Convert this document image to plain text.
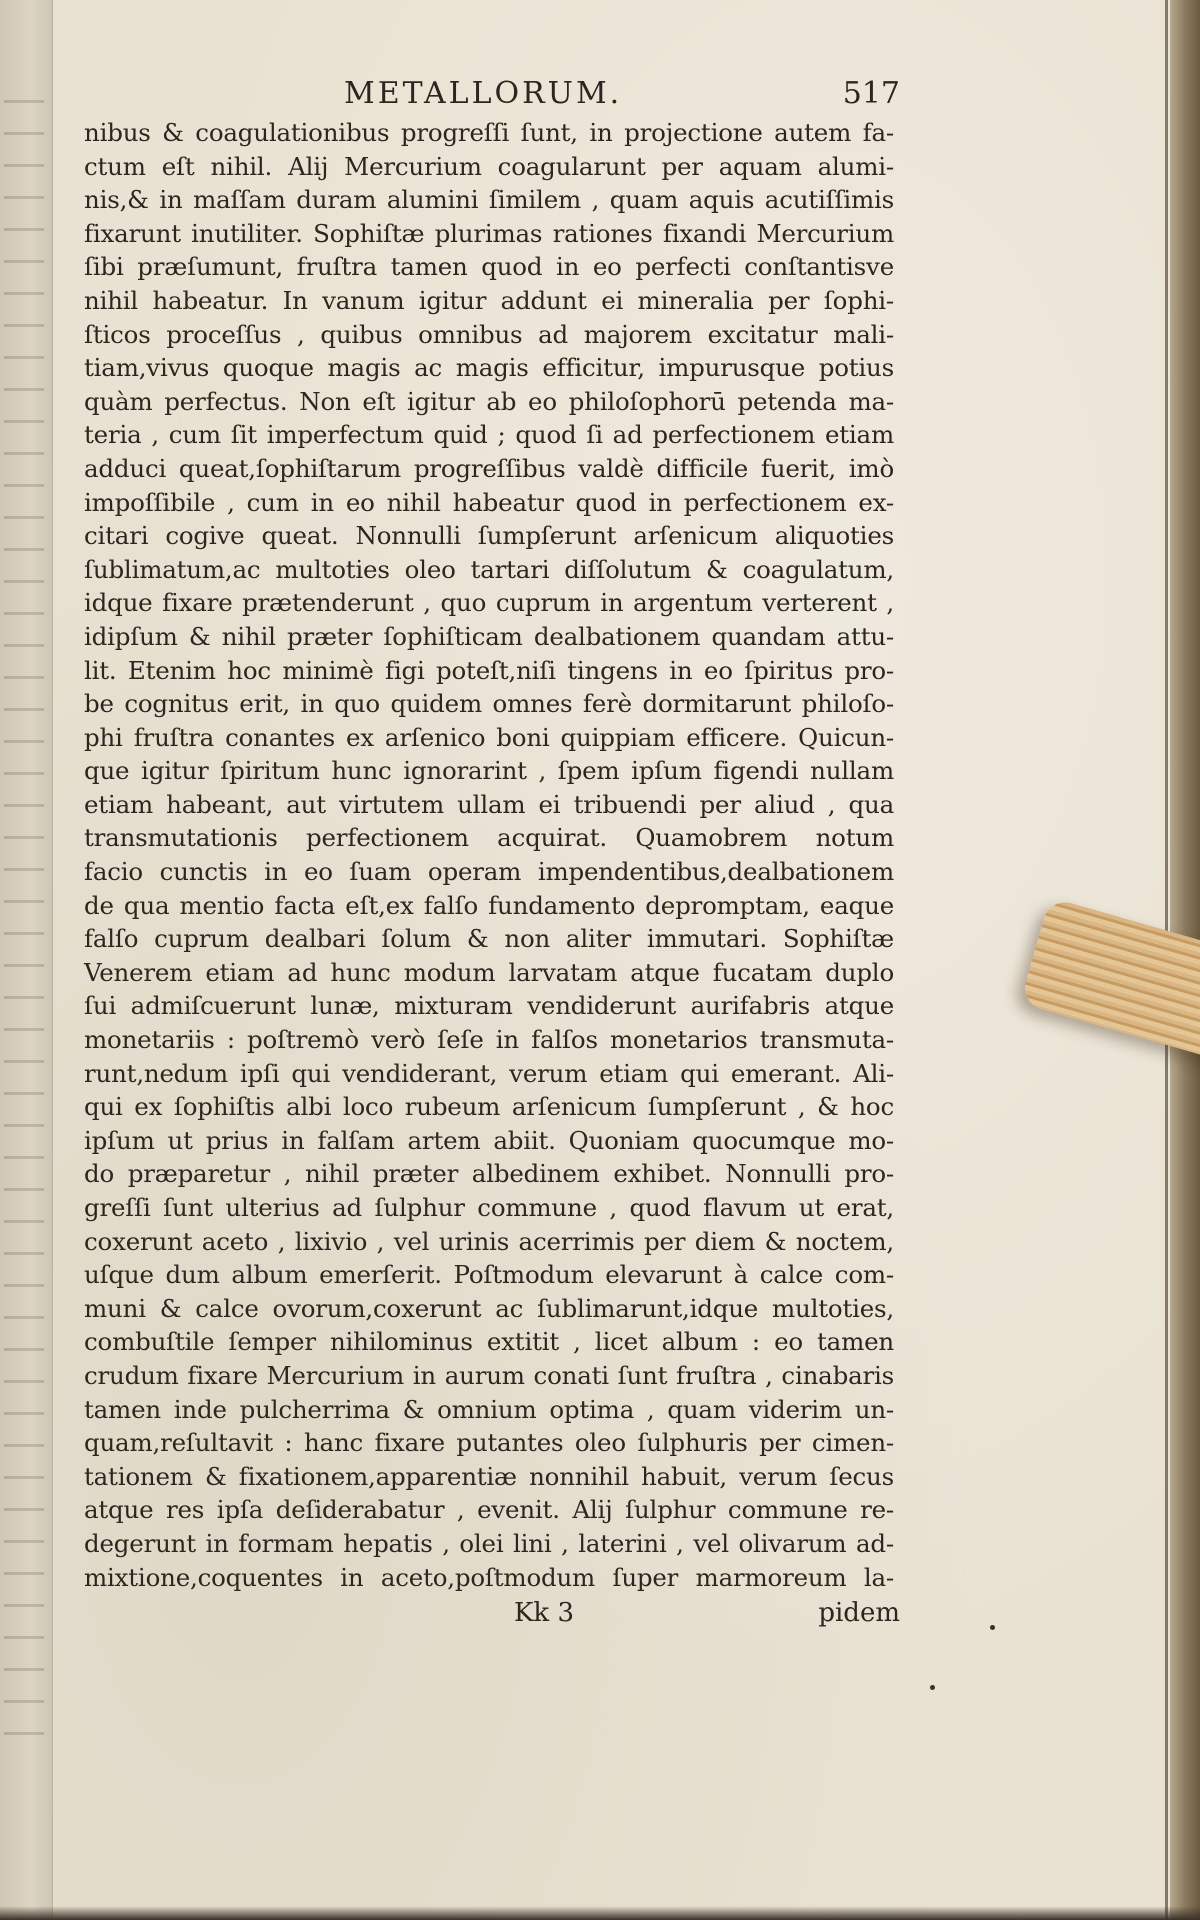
METALLORUM.	517
nibus & coagulationibus progreſſi ſunt, in projectione autem fa-
ctum eſt nihil. Alij Mercurium coagularunt per aquam alumi-
nis,& in maſſam duram alumini ſimilem , quam aquis acutiſſimis
fixarunt inutiliter. Sophiſtæ plurimas rationes fixandi Mercurium
ſibi præſumunt, fruſtra tamen quod in eo perfecti conſtantisve
nihil habeatur. In vanum igitur addunt ei mineralia per ſophi-
ſticos proceſſus , quibus omnibus ad majorem excitatur mali-
tiam,vivus quoque magis ac magis efficitur, impurusque potius
quàm perfectus. Non eſt igitur ab eo philoſophorū petenda ma-
teria , cum ſit imperfectum quid ; quod ſi ad perfectionem etiam
adduci queat,ſophiſtarum progreſſibus valdè difficile fuerit, imò
impoſſibile , cum in eo nihil habeatur quod in perfectionem ex-
citari cogive queat. Nonnulli ſumpſerunt arſenicum aliquoties
ſublimatum,ac multoties oleo tartari diſſolutum & coagulatum,
idque fixare prætenderunt , quo cuprum in argentum verterent ,
idipſum & nihil præter ſophiſticam dealbationem quandam attu-
lit. Etenim hoc minimè figi poteſt,niſi tingens in eo ſpiritus pro-
be cognitus erit, in quo quidem omnes ferè dormitarunt philoſo-
phi fruſtra conantes ex arſenico boni quippiam efficere. Quicun-
que igitur ſpiritum hunc ignorarint , ſpem ipſum figendi nullam
etiam habeant, aut virtutem ullam ei tribuendi per aliud , qua
transmutationis perfectionem acquirat. Quamobrem notum
facio cunctis in eo ſuam operam impendentibus,dealbationem
de qua mentio facta eſt,ex falſo fundamento depromptam, eaque
falſo cuprum dealbari ſolum & non aliter immutari. Sophiſtæ
Venerem etiam ad hunc modum larvatam atque fucatam duplo
ſui admiſcuerunt lunæ, mixturam vendiderunt aurifabris atque
monetariis : poſtremò verò ſeſe in falſos monetarios transmuta-
runt,nedum ipſi qui vendiderant, verum etiam qui emerant. Ali-
qui ex ſophiſtis albi loco rubeum arſenicum ſumpſerunt , & hoc
ipſum ut prius in falſam artem abiit. Quoniam quocumque mo-
do præparetur , nihil præter albedinem exhibet. Nonnulli pro-
greſſi ſunt ulterius ad ſulphur commune , quod flavum ut erat,
coxerunt aceto , lixivio , vel urinis acerrimis per diem & noctem,
uſque dum album emerſerit. Poſtmodum elevarunt à calce com-
muni & calce ovorum,coxerunt ac ſublimarunt,idque multoties,
combuſtile ſemper nihilominus extitit , licet album : eo tamen
crudum fixare Mercurium in aurum conati ſunt fruſtra , cinabaris
tamen inde pulcherrima & omnium optima , quam viderim un-
quam,reſultavit : hanc fixare putantes oleo ſulphuris per cimen-
tationem & fixationem,apparentiæ nonnihil habuit, verum ſecus
atque res ipſa deſiderabatur , evenit. Alij ſulphur commune re-
degerunt in formam hepatis , olei lini , laterini , vel olivarum ad-
mixtione,coquentes in aceto,poſtmodum ſuper marmoreum la-
Kk 3	pidem
